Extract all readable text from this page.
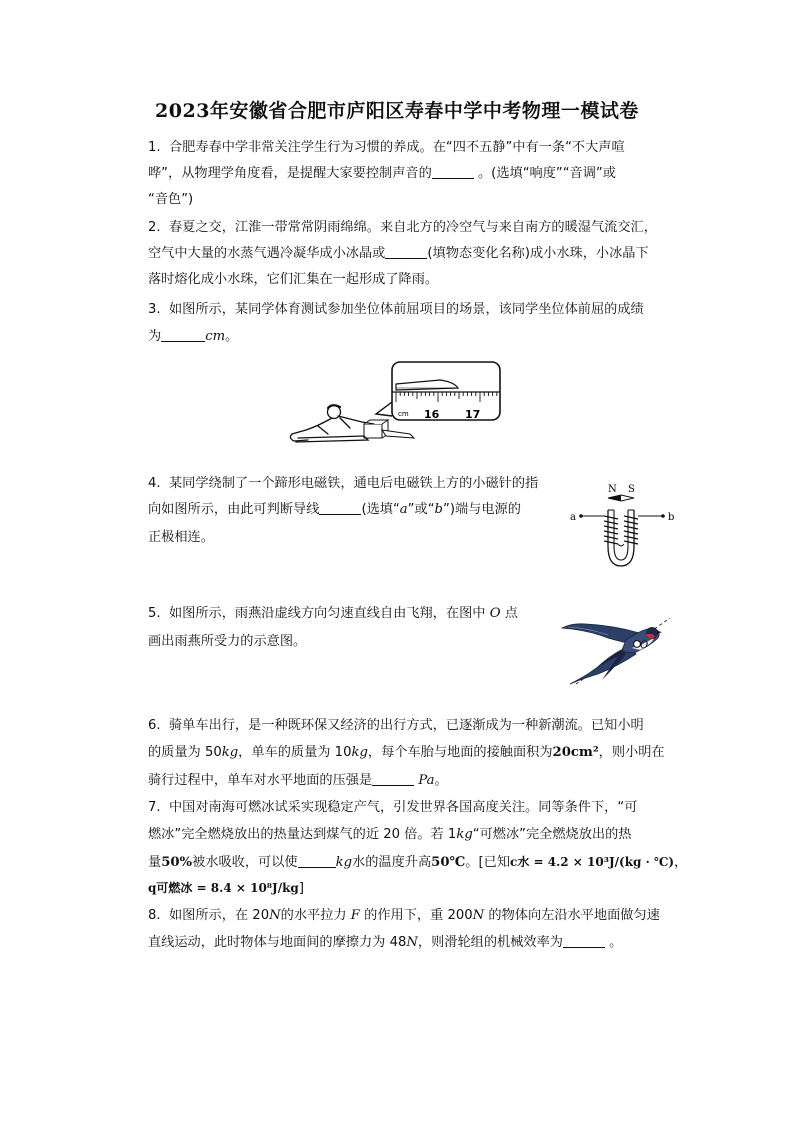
2023年安徽省合肥市庐阳区寿春中学中考物理一模试卷
1. 合肥寿春中学非常关注学生行为习惯的养成。在“四不五静”中有一条“不大声喧
哗”，从物理学角度看，是提醒大家要控制声音的	。(选填“响度”“音调”或
“音色”)
2. 春夏之交，江淮一带常常阴雨绵绵。来自北方的冷空气与来自南方的暖湿气流交汇，
空气中大量的水蒸气遇冷凝华成小冰晶或	(填物态变化名称)成小水珠，小冰晶下
落时熔化成小水珠，它们汇集在一起形成了降雨。
3. 如图所示，某同学体育测试参加坐位体前屈项目的场景，该同学坐位体前屈的成绩
为	cm。
cm 16 17
4. 某同学绕制了一个蹄形电磁铁，通电后电磁铁上方的小磁针的指
向如图所示，由此可判断导线	(选填“a”或“b”)端与电源的
正极相连。
N S
a	b
5. 如图所示，雨燕沿虚线方向匀速直线自由飞翔，在图中 O 点
画出雨燕所受力的示意图。	O
6. 骑单车出行，是一种既环保又经济的出行方式，已逐渐成为一种新潮流。已知小明
的质量为 50kg，单车的质量为 10kg，每个车胎与地面的接触面积为20cm²，则小明在
骑行过程中，单车对水平地面的压强是	Pa。
7. 中国对南海可燃冰试采实现稳定产气，引发世界各国高度关注。同等条件下，“可
燃冰”完全燃烧放出的热量达到煤气的近 20 倍。若 1kg“可燃冰”完全燃烧放出的热
量50%被水吸收，可以使	kg水的温度升高50℃。[已知c水 = 4.2 × 10³J/(kg · ℃)，
q可燃冰 = 8.4 × 10⁸J/kg]
8. 如图所示，在 20N的水平拉力 F 的作用下，重 200N 的物体向左沿水平地面做匀速
直线运动，此时物体与地面间的摩擦力为 48N，则滑轮组的机械效率为	。
